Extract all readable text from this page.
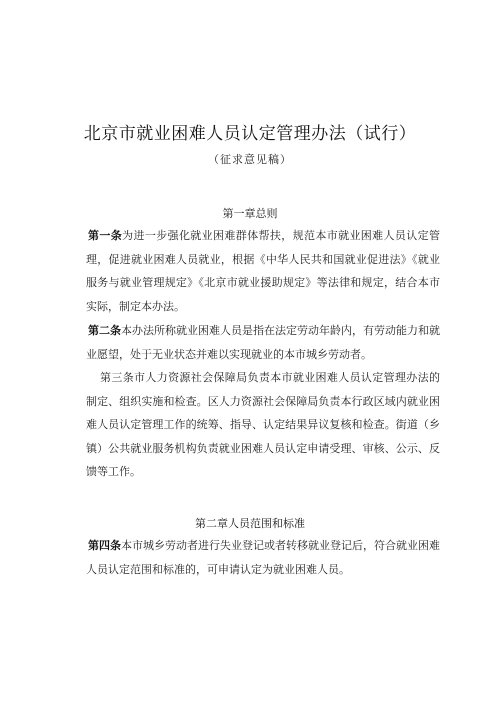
北京市就业困难人员认定管理办法（试行）
（征求意见稿）
第一章总则

第一条为进一步强化就业困难群体帮扶，规范本市就业困难人员认定管理，促进就业困难人员就业，根据《中华人民共和国就业促进法》《就业服务与就业管理规定》《北京市就业援助规定》等法律和规定，结合本市实际，制定本办法。

第二条本办法所称就业困难人员是指在法定劳动年龄内，有劳动能力和就业愿望，处于无业状态并难以实现就业的本市城乡劳动者。

第三条市人力资源社会保障局负责本市就业困难人员认定管理办法的制定、组织实施和检查。区人力资源社会保障局负责本行政区域内就业困难人员认定管理工作的统筹、指导、认定结果异议复核和检查。街道（乡镇）公共就业服务机构负责就业困难人员认定申请受理、审核、公示、反馈等工作。

第二章人员范围和标准

第四条本市城乡劳动者进行失业登记或者转移就业登记后，符合就业困难人员认定范围和标准的，可申请认定为就业困难人员。
